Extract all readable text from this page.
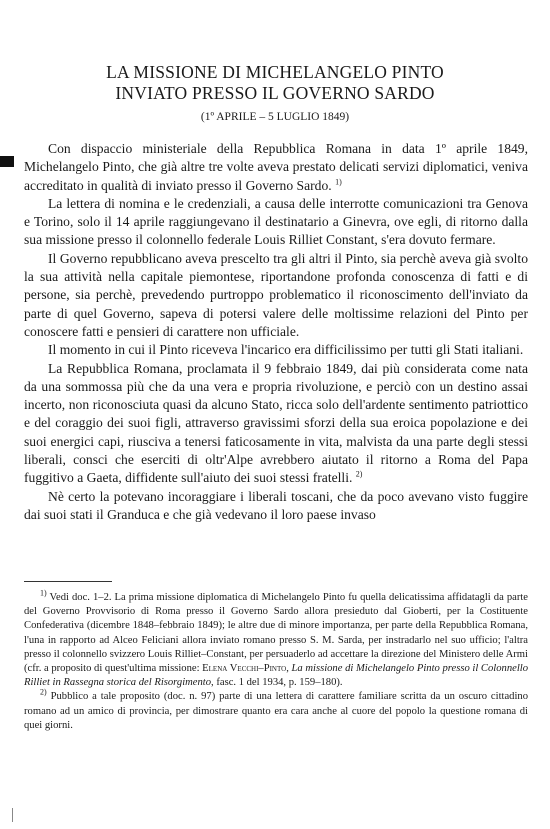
LA MISSIONE DI MICHELANGELO PINTO
INVIATO PRESSO IL GOVERNO SARDO
(1º APRILE – 5 LUGLIO 1849)

Con dispaccio ministeriale della Repubblica Romana in data 1º aprile 1849, Michelangelo Pinto, che già altre tre volte aveva prestato delicati servizi diplomatici, veniva accreditato in qualità di inviato presso il Governo Sardo. $^{1)}$

La lettera di nomina e le credenziali, a causa delle interrotte comunicazioni tra Genova e Torino, solo il 14 aprile raggiungevano il destinatario a Ginevra, ove egli, di ritorno dalla sua missione presso il colonnello federale Louis Rilliet Constant, s'era dovuto fermare.

Il Governo repubblicano aveva prescelto tra gli altri il Pinto, sia perchè aveva già svolto la sua attività nella capitale piemontese, riportandone profonda conoscenza di fatti e di persone, sia perchè, prevedendo purtroppo problematico il riconoscimento dell'inviato da parte di quel Governo, sapeva di potersi valere delle moltissime relazioni del Pinto per conoscere fatti e pensieri di carattere non ufficiale.

Il momento in cui il Pinto riceveva l'incarico era difficilissimo per tutti gli Stati italiani.

La Repubblica Romana, proclamata il 9 febbraio 1849, dai più considerata come nata da una sommossa più che da una vera e propria rivoluzione, e perciò con un destino assai incerto, non riconosciuta quasi da alcuno Stato, ricca solo dell'ardente sentimento patriottico e del coraggio dei suoi figli, attraverso gravissimi sforzi della sua eroica popolazione e dei suoi energici capi, riusciva a tenersi faticosamente in vita, malvista da una parte degli stessi liberali, consci che eserciti di oltr'Alpe avrebbero aiutato il ritorno a Roma del Papa fuggitivo a Gaeta, diffidente sull'aiuto dei suoi stessi fratelli. $^{2)}$

Nè certo la potevano incoraggiare i liberali toscani, che da poco avevano visto fuggire dai suoi stati il Granduca e che già vedevano il loro paese invaso

$^{1)}$ Vedi doc. 1–2. La prima missione diplomatica di Michelangelo Pinto fu quella delicatissima affidatagli da parte del Governo Provvisorio di Roma presso il Governo Sardo allora presieduto dal Gioberti, per la Costituente Confederativa (dicembre 1848–febbraio 1849); le altre due di minore importanza, per parte della Repubblica Romana, l'una in rapporto ad Alceo Feliciani allora inviato romano presso S. M. Sarda, per instradarlo nel suo ufficio; l'altra presso il colonnello svizzero Louis Rilliet–Constant, per persuaderlo ad accettare la direzione del Ministero delle Armi (cfr. a proposito di quest'ultima missione: Elena Vecchi–Pinto, La missione di Michelangelo Pinto presso il Colonnello Rilliet in Rassegna storica del Risorgimento, fasc. 1 del 1934, p. 159–180).

$^{2)}$ Pubblico a tale proposito (doc. n. 97) parte di una lettera di carattere familiare scritta da un oscuro cittadino romano ad un amico di provincia, per dimostrare quanto era cara anche al cuore del popolo la questione romana di quei giorni.
